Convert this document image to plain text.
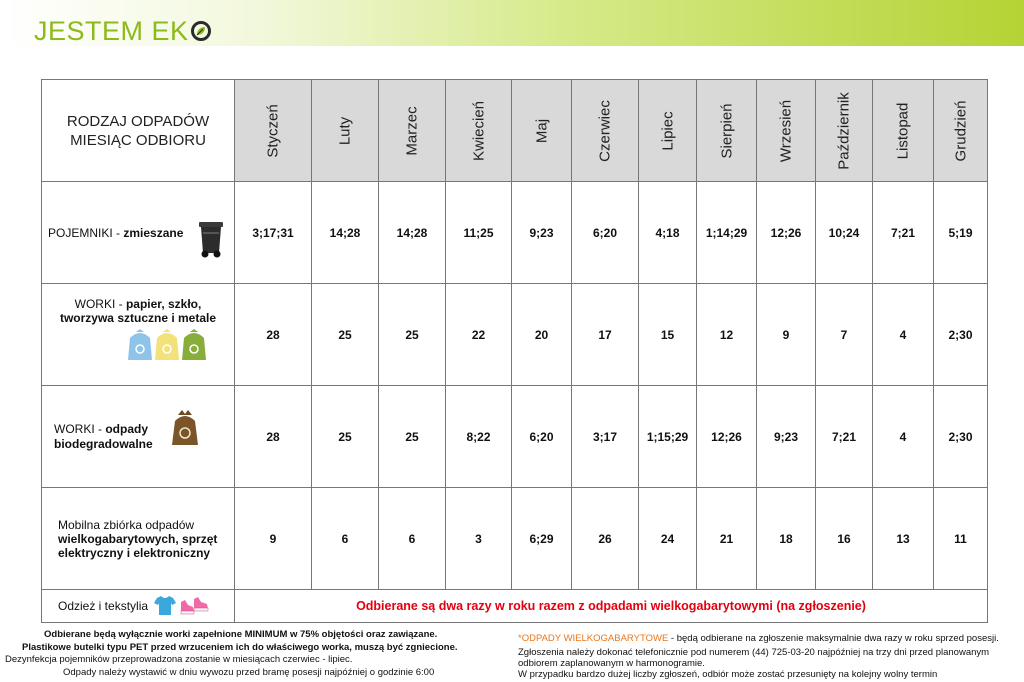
JESTEM EK
RODZAJ ODPADÓW
MIESIĄC ODBIORU	Styczeń	Luty	Marzec	Kwiecień	Maj	Czerwiec	Lipiec	Sierpień	Wrzesień	Październik	Listopad	Grudzień

POJEMNIKI - zmieszane	3;17;31	14;28	14;28	11;25	9;23	6;20	4;18	1;14;29	12;26	10;24	7;21	5;19

WORKI - papier, szkło, tworzywa sztuczne i metale	28	25	25	22	20	17	15	12	9	7	4	2;30

WORKI - odpady biodegradowalne	28	25	25	8;22	6;20	3;17	1;15;29	12;26	9;23	7;21	4	2;30

Mobilna zbiórka odpadów wielkogabarytowych, sprzęt elektryczny i elektroniczny	9	6	6	3	6;29	26	24	21	18	16	13	11

Odzież i tekstylia	Odbierane są dwa razy w roku razem z odpadami wielkogabarytowymi (na zgłoszenie)											
Odbierane będą wyłącznie worki zapełnione MINIMUM w 75% objętości oraz zawiązane.
Plastikowe butelki typu PET przed wrzuceniem ich do właściwego worka, muszą być zgniecione.
Dezynfekcja pojemników przeprowadzona zostanie w miesiącach czerwiec - lipiec.
Odpady należy wystawić w dniu wywozu przed bramę posesji najpóźniej o godzinie 6:00
*ODPADY WIELKOGABARYTOWE - będą odbierane na zgłoszenie maksymalnie dwa razy w roku sprzed posesji.
Zgłoszenia należy dokonać telefonicznie pod numerem (44) 725-03-20 najpóźniej na trzy dni przed planowanym odbiorem zaplanowanym w harmonogramie.
W przypadku bardzo dużej liczby zgłoszeń, odbiór może zostać przesunięty na kolejny wolny termin
